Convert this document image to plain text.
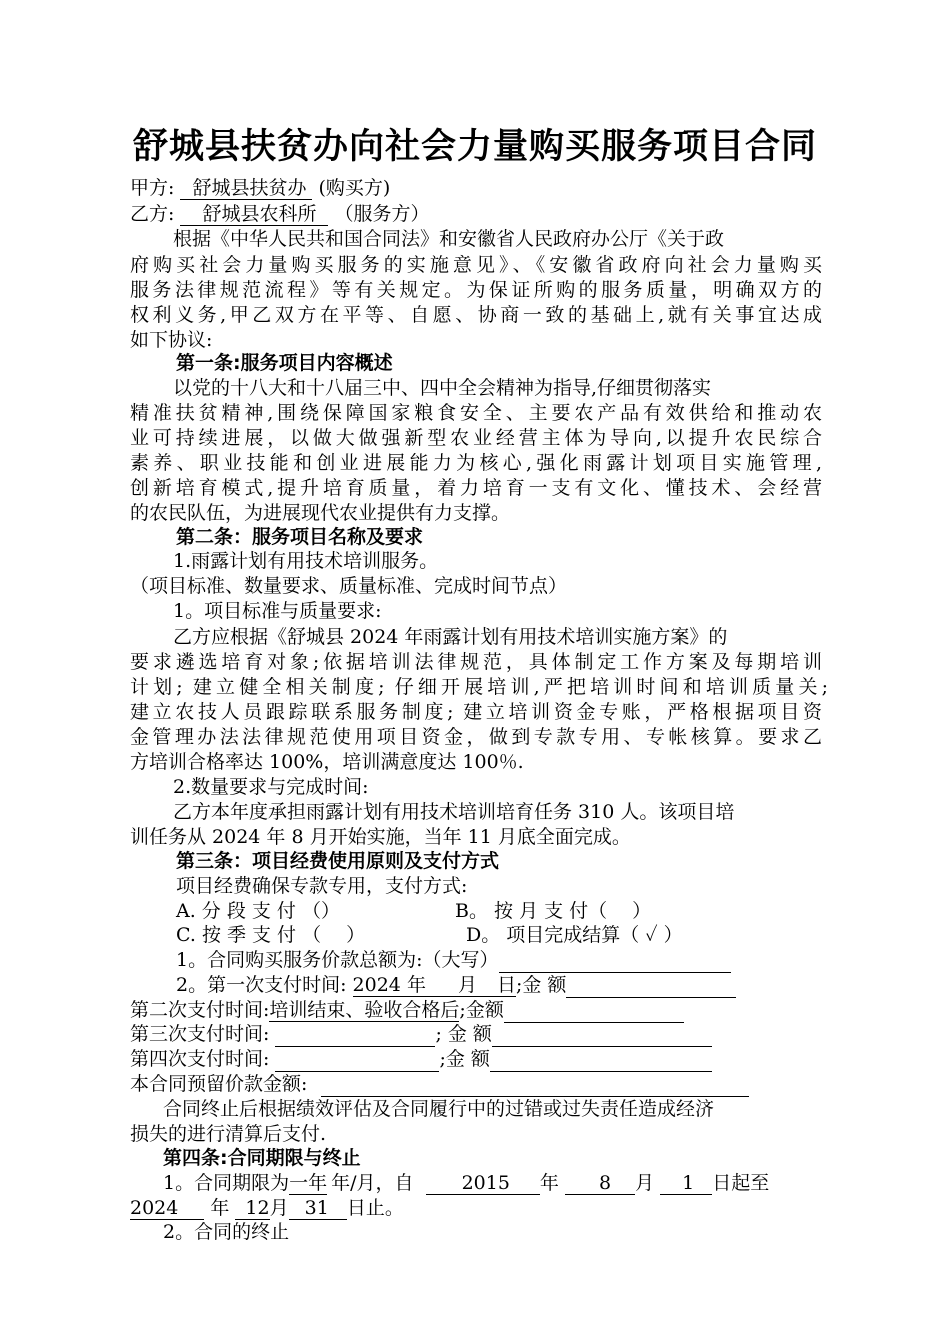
舒城县扶贫办向社会力量购买服务项目合同
甲方: 舒城县扶贫办 (购买方)
乙方: 舒城县农科所 （服务方）
根据《中华人民共和国合同法》和安徽省人民政府办公厅《关于政
府购买社会力量购买服务的实施意见》、《安徽省政府向社会力量购买
服务法律规范流程》等有关规定。为保证所购的服务质量，明确双方的
权利义务,甲乙双方在平等、自愿、协商一致的基础上,就有关事宜达成
如下协议:
第一条:服务项目内容概述
以党的十八大和十八届三中、四中全会精神为指导,仔细贯彻落实
精准扶贫精神,围绕保障国家粮食安全、主要农产品有效供给和推动农
业可持续进展，以做大做强新型农业经营主体为导向,以提升农民综合
素养、职业技能和创业进展能力为核心,强化雨露计划项目实施管理,
创新培育模式,提升培育质量，着力培育一支有文化、懂技术、会经营
的农民队伍，为进展现代农业提供有力支撑。
第二条：服务项目名称及要求
1.雨露计划有用技术培训服务。
（项目标准、数量要求、质量标准、完成时间节点）
1。项目标准与质量要求:
乙方应根据《舒城县 2024 年雨露计划有用技术培训实施方案》的
要求遴选培育对象;依据培训法律规范，具体制定工作方案及每期培训
计划; 建立健全相关制度; 仔细开展培训,严把培训时间和培训质量关;
建立农技人员跟踪联系服务制度; 建立培训资金专账，严格根据项目资
金管理办法法律规范使用项目资金，做到专款专用、专帐核算。要求乙
方培训合格率达 100%，培训满意度达 100％.
2.数量要求与完成时间:
乙方本年度承担雨露计划有用技术培训培育任务 310 人。该项目培
训任务从 2024 年 8 月开始实施，当年 11 月底全面完成。
第三条：项目经费使用原则及支付方式
项目经费确保专款专用，支付方式:
A. 分 段 支 付 （）	B。 按 月 支 付（　 ）
C. 按 季 支 付 （　 ）	D。 项目完成结算（ ✓ ）
1。合同购买服务价款总额为:（大写）
2。第一次支付时间: 2024 年 月 日;金 额
第二次支付时间:培训结束、验收合格后;金额
第三次支付时间:	; 金 额
第四次支付时间:	;金 额
本合同预留价款金额:
合同终止后根据绩效评估及合同履行中的过错或过失责任造成经济
损失的进行清算后支付.
第四条:合同期限与终止
1。合同期限为一年 年/月，自	2015 年 8 月 1 日起至
2024 年 12月 31 日止。
2。合同的终止
